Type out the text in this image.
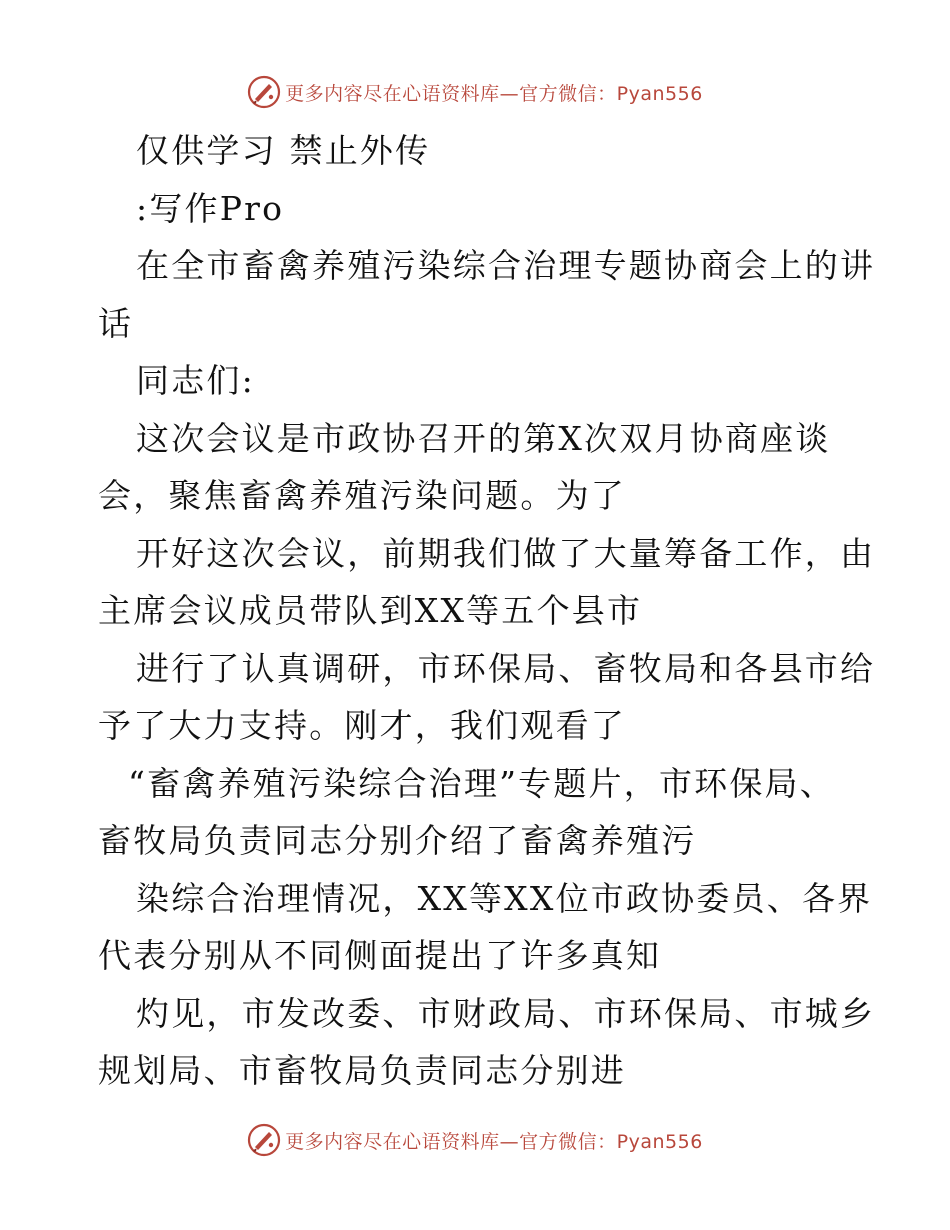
更多内容尽在心语资料库—官方微信：Pyan556

仅供学习 禁止外传

:写作Pro

在全市畜禽养殖污染综合治理专题协商会上的讲

话

同志们:

这次会议是市政协召开的第X次双月协商座谈

会，聚焦畜禽养殖污染问题。为了

开好这次会议，前期我们做了大量筹备工作，由

主席会议成员带队到XX等五个县市

进行了认真调研，市环保局、畜牧局和各县市给

予了大力支持。刚才，我们观看了

“畜禽养殖污染综合治理”专题片，市环保局、

畜牧局负责同志分别介绍了畜禽养殖污

染综合治理情况，XX等XX位市政协委员、各界

代表分别从不同侧面提出了许多真知

灼见，市发改委、市财政局、市环保局、市城乡

规划局、市畜牧局负责同志分别进

更多内容尽在心语资料库—官方微信：Pyan556
